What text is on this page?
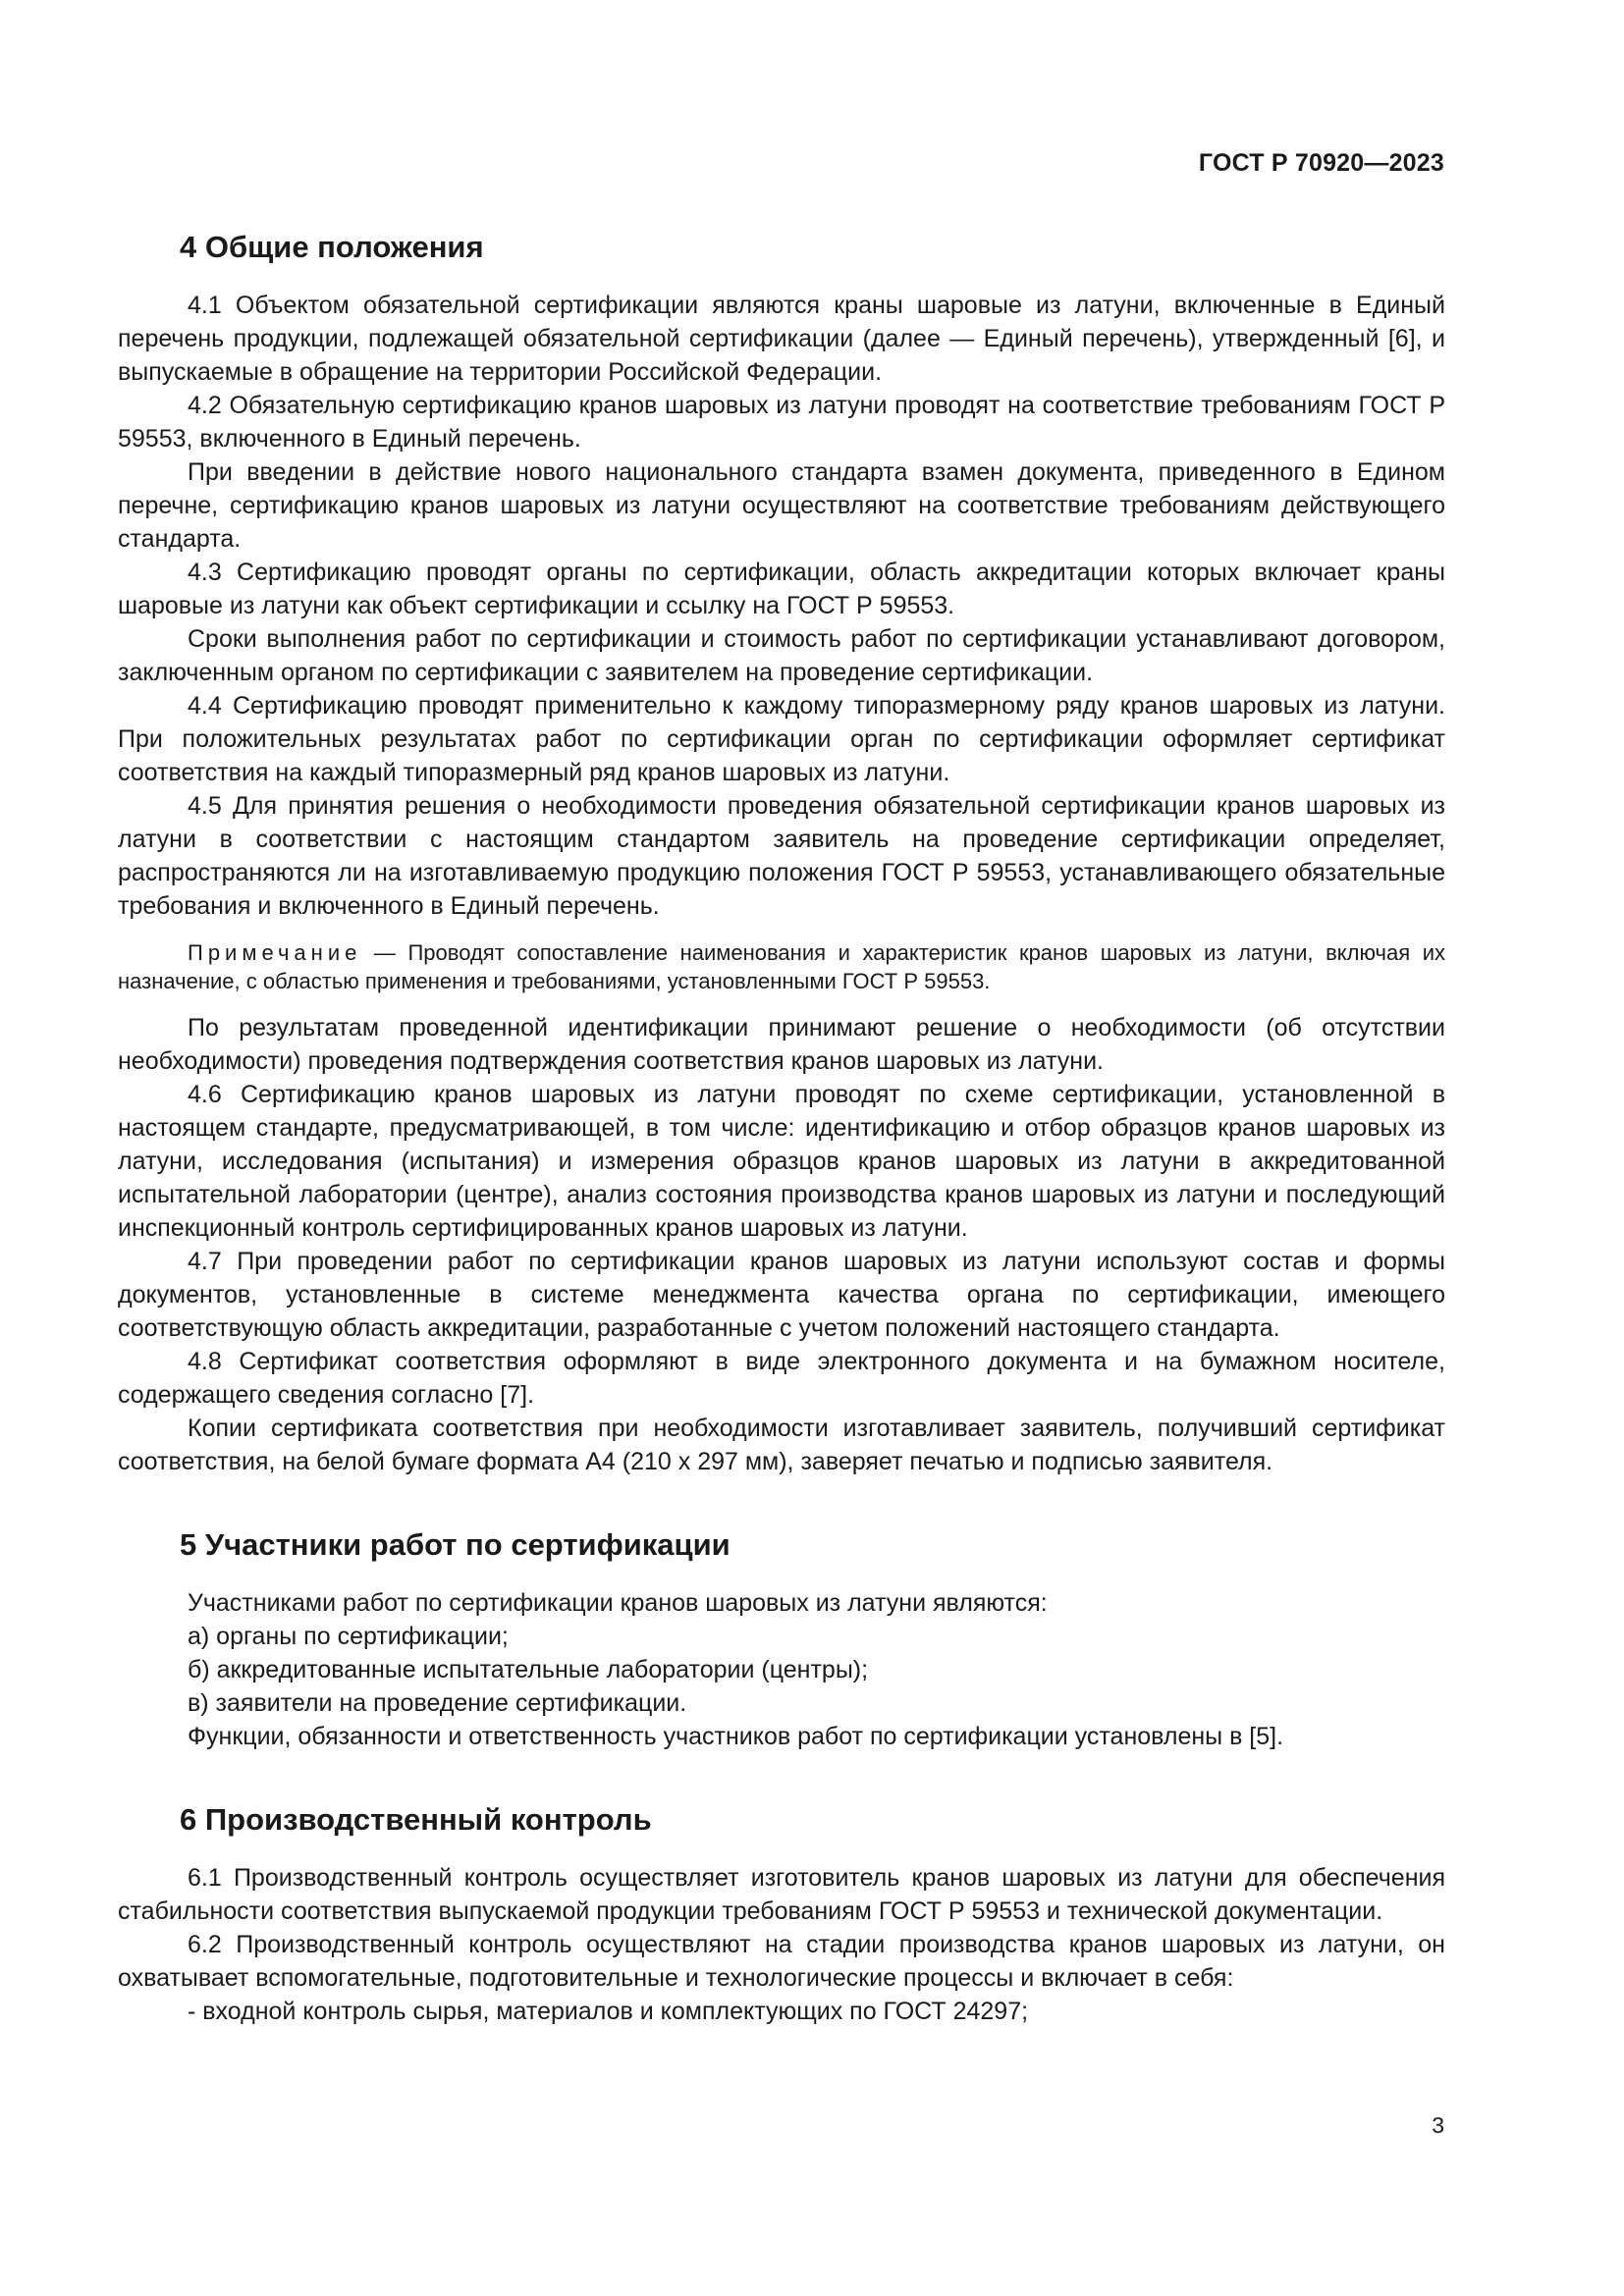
ГОСТ Р 70920—2023
4 Общие положения

4.1 Объектом обязательной сертификации являются краны шаровые из латуни, включенные в Единый перечень продукции, подлежащей обязательной сертификации (далее — Единый перечень), утвержденный [6], и выпускаемые в обращение на территории Российской Федерации.

4.2 Обязательную сертификацию кранов шаровых из латуни проводят на соответствие требованиям ГОСТ Р 59553, включенного в Единый перечень.

При введении в действие нового национального стандарта взамен документа, приведенного в Едином перечне, сертификацию кранов шаровых из латуни осуществляют на соответствие требованиям действующего стандарта.

4.3 Сертификацию проводят органы по сертификации, область аккредитации которых включает краны шаровые из латуни как объект сертификации и ссылку на ГОСТ Р 59553.

Сроки выполнения работ по сертификации и стоимость работ по сертификации устанавливают договором, заключенным органом по сертификации с заявителем на проведение сертификации.

4.4 Сертификацию проводят применительно к каждому типоразмерному ряду кранов шаровых из латуни. При положительных результатах работ по сертификации орган по сертификации оформляет сертификат соответствия на каждый типоразмерный ряд кранов шаровых из латуни.

4.5 Для принятия решения о необходимости проведения обязательной сертификации кранов шаровых из латуни в соответствии с настоящим стандартом заявитель на проведение сертификации определяет, распространяются ли на изготавливаемую продукцию положения ГОСТ Р 59553, устанавливающего обязательные требования и включенного в Единый перечень.

Примечание — Проводят сопоставление наименования и характеристик кранов шаровых из латуни, включая их назначение, с областью применения и требованиями, установленными ГОСТ Р 59553.

По результатам проведенной идентификации принимают решение о необходимости (об отсутствии необходимости) проведения подтверждения соответствия кранов шаровых из латуни.

4.6 Сертификацию кранов шаровых из латуни проводят по схеме сертификации, установленной в настоящем стандарте, предусматривающей, в том числе: идентификацию и отбор образцов кранов шаровых из латуни, исследования (испытания) и измерения образцов кранов шаровых из латуни в аккредитованной испытательной лаборатории (центре), анализ состояния производства кранов шаровых из латуни и последующий инспекционный контроль сертифицированных кранов шаровых из латуни.

4.7 При проведении работ по сертификации кранов шаровых из латуни используют состав и формы документов, установленные в системе менеджмента качества органа по сертификации, имеющего соответствующую область аккредитации, разработанные с учетом положений настоящего стандарта.

4.8 Сертификат соответствия оформляют в виде электронного документа и на бумажном носителе, содержащего сведения согласно [7].

Копии сертификата соответствия при необходимости изготавливает заявитель, получивший сертификат соответствия, на белой бумаге формата А4 (210 х 297 мм), заверяет печатью и подписью заявителя.

5 Участники работ по сертификации

Участниками работ по сертификации кранов шаровых из латуни являются:

а) органы по сертификации;

б) аккредитованные испытательные лаборатории (центры);

в) заявители на проведение сертификации.

Функции, обязанности и ответственность участников работ по сертификации установлены в [5].

6 Производственный контроль

6.1 Производственный контроль осуществляет изготовитель кранов шаровых из латуни для обеспечения стабильности соответствия выпускаемой продукции требованиям ГОСТ Р 59553 и технической документации.

6.2 Производственный контроль осуществляют на стадии производства кранов шаровых из латуни, он охватывает вспомогательные, подготовительные и технологические процессы и включает в себя:

- входной контроль сырья, материалов и комплектующих по ГОСТ 24297;

3
